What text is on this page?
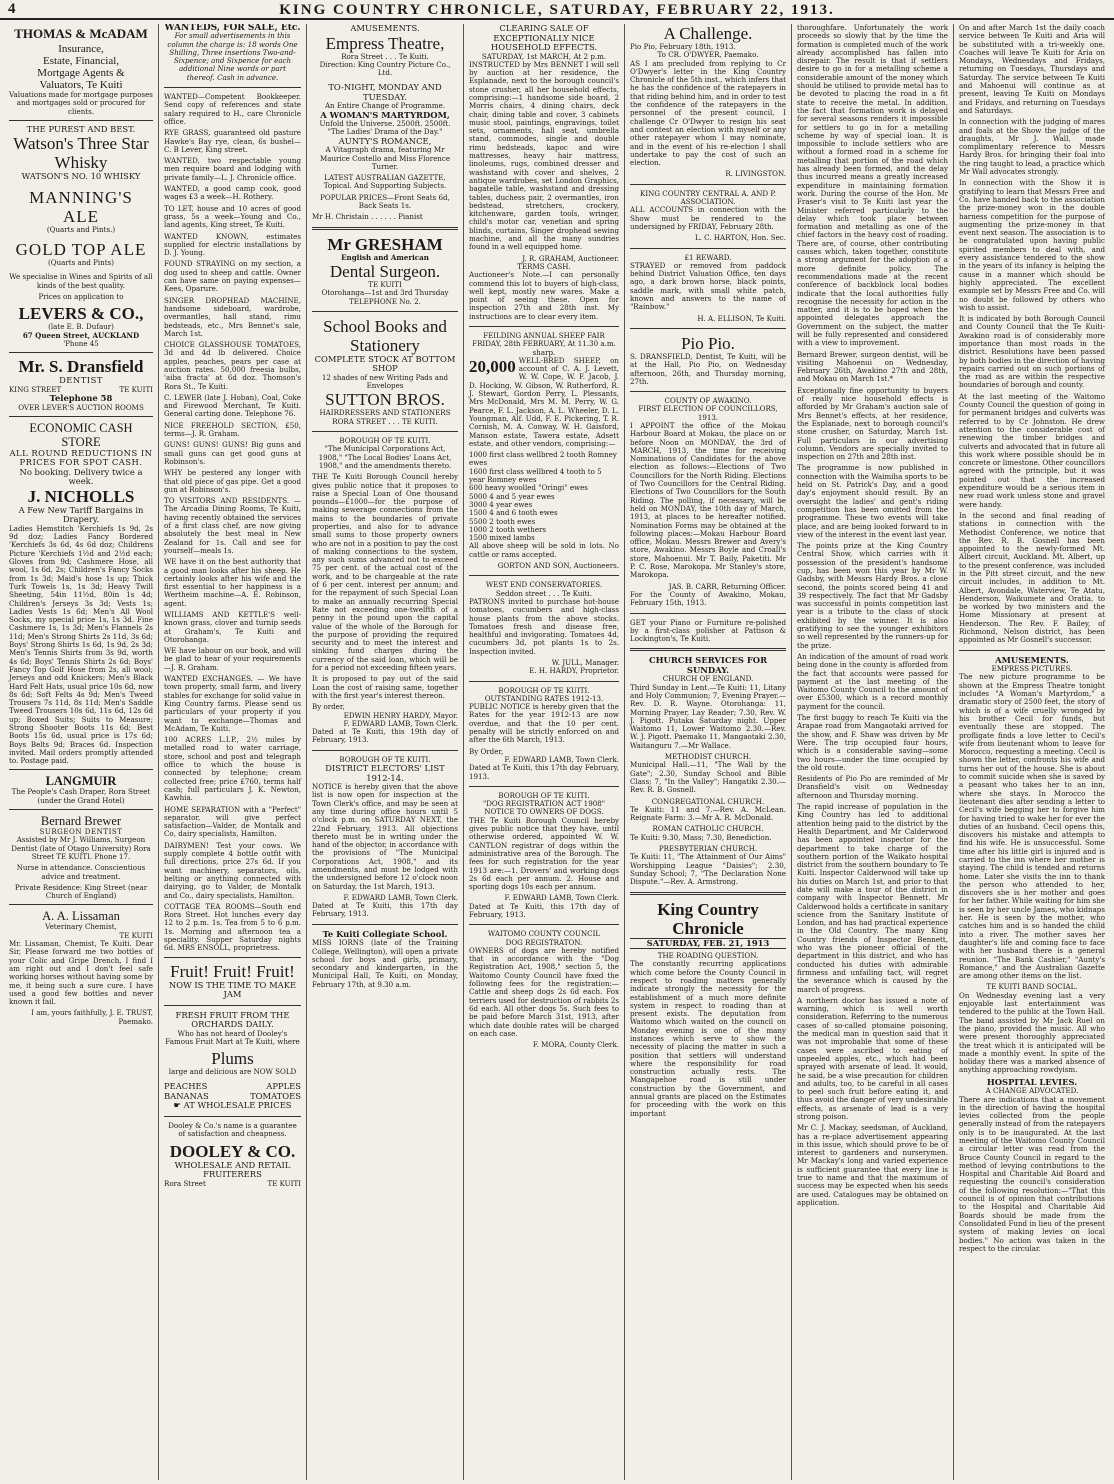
4	KING COUNTRY CHRONICLE, SATURDAY, FEBRUARY 22, 1913.
THOMAS & McADAM
Insurance,
Estate, Financial,
Mortgage Agents &
Valuators, Te Kuiti

Valuations made for mortgage purposes and mortgages sold or procured for clients.

THE PUREST AND BEST.
Watson's Three Star Whisky
WATSON'S NO. 10 WHISKY
MANNING'S ALE
(Quarts and Pints.)
GOLD TOP ALE
(Quarts and Pints)

We specialise in Wines and Spirits of all kinds of the best quality.

Prices on application to

LEVERS & CO.,
(late E. B. Dufaur)
67 Queen Street, AUCKLAND
'Phone 45
Mr. S. Dransfield
DENTIST
KING STREET	TE KUITI
Telephone 58
OVER LEVER'S AUCTION ROOMS
ECONOMIC CASH STORE
ALL ROUND REDUCTIONS IN PRICES FOR SPOT CASH.
No booking. Delivery twice a week.
J. NICHOLLS
A Few New Tariff Bargains in Drapery.

Ladies Hemstitch 'Kerchiefs 1s 9d, 2s 9d doz; Ladies Fancy Bordered 'Kerchiefs 3s 6d, 4s 6d doz; Childrens Picture 'Kerchiefs 1½d and 2½d each; Gloves from 9d; Cashmere Hose, all wool, 1s 6d, 2s; Children's Fancy Socks from 1s 3d; Maid's hose 1s up; Thick Turk Towels 1s, 1s 3d; Heavy Twill Sheeting, 54in 11½d, 80in 1s 4d; Children's Jerseys 3s 3d; Vests 1s; Ladies Vests 1s 6d; Men's All Wool Socks, my special price 1s, 1s 3d. Fine Cashmere 1s, 1s 3d; Men's Flannels 2s 11d; Men's Strong Shirts 2s 11d, 3s 6d; Boys' Strong Shirts 1s 6d, 1s 9d, 2s 3d; Men's Tennis Shirts from 3s 9d, worth 4s 6d; Boys' Tennis Shirts 2s 6d; Boys' Fancy Top Golf Hose from 2s, all wool; Jerseys and odd Knickers; Men's Black Hard Felt Hats, usual price 10s 6d, now 8s 6d; Soft Felts 4s 9d; Men's Tweed Trousers 7s 11d, 8s 11d; Men's Saddle Tweed Trousers 10s 6d, 11s 6d, 12s 6d up; Boxed Suits; Suits to Measure; Strong Shooter Boots 11s 6d; Best Boots 15s 6d, usual price is 17s 6d; Boys Belts 9d; Braces 6d. Inspection invited. Mail orders promptly attended to. Postage paid.

LANGMUIR
The People's Cash Draper, Rora Street (under the Grand Hotel)
Bernard Brewer
SURGEON DENTIST

Assisted by Mr J. Williams, Surgeon Dentist (late of Otago University) Rora Street TE KUITI. Phone 17.

Nurse in attendance. Conscientious advice and treatment.

Private Residence: King Street (near Church of England)

A. A. Lissaman
Veterinary Chemist,
TE KUITI

Mr. Lissaman, Chemist, Te Kuiti. Dear Sir, Please forward me two bottles of your Colic and Gripe Drench, I find I am right out and I don't feel safe working horses without having some by me, it being such a sure cure. I have used a good few bottles and never known it fail.

I am, yours faithfully, J. E. TRUST, Paemako.
WANTEDS, FOR SALE, Etc.

For small advertisements in this column the charge is: 18 words One Shilling, Three insertions Two-and-Sixpence; and Sixpence for each additional Nine words or part thereof. Cash in advance.

WANTED—Competent Bookkeeper. Send copy of references and state salary required to H., care Chronicle office.

RYE GRASS, guaranteed old pasture Hawke's Bay rye, clean, 6s bushel—C. B Lever, King street.

WANTED, two respectable young men require board and lodging with private family—L. J. Chronicle office.

WANTED, a good camp cook, good wages £3 a week—H. Rothery.

TO LET, house and 10 acres of good grass, 5s a week—Young and Co., land agents, King street, Te Kuiti.

WANTED KNOWN, estimates supplied for electric installations by D. J. Young.

FOUND STRAYING on my section, a dog used to sheep and cattle. Owner can have same on paying expenses—Kees, Oparure.

SINGER DROPHEAD MACHINE, handsome sideboard, wardrobe, overmantles, hall stand, rimu bedsteads, etc., Mrs Bennet's sale, March 1st.

CHOICE GLASSHOUSE TOMATOES, 3d and 4d lb delivered. Choice apples, peaches, pears per case at auction rates. 50,000 freesia bulbs, 'aiba fracta' at 6d doz. Thomson's Rora St., Te Kuiti.

C. LEWER (late J. Hoban), Coal, Coke and Firewood Merchant, Te Kuiti. General carting done. Telephone 76.

NICE FREEHOLD SECTION, £50, terms—J. R. Graham.

GUNS! GUNS! GUNS! Big guns and small guns can get good guns at Robinson's.

WHY be pestered any longer with that old piece of gas pipe. Get a good gun at Robinson's.

TO VISITORS AND RESIDENTS. —The Arcadia Dining Rooms, Te Kuiti, having recently obtained the services of a first class chef, are now giving absolutely the best meal in New Zealand for 1s. Call and see for yourself—meals 1s.

WE have it on the best authority that a good man looks after his sheep. He certainly looks after his wife and the first essential to her happiness is a Wertheim machine—A. E. Robinson, agent.

WILLIAMS AND KETTLE'S well-known grass, clover and turnip seeds at Graham's, Te Kuiti and Otorohanga.

WE have labour on our book, and will be glad to hear of your requirements—J. R. Graham.

WANTED EXCHANGES. — We have town property, small farm, and livery stables for exchange for solid value in King Country farms. Please send us particulars of your property if you want to exchange—Thomas and McAdam, Te Kuiti.

100 ACRES L.I.P., 2½ miles by metalled road to water carriage, store, school and post and telegraph office to which the house is connected by telephone; cream collected free; price £760, terms half cash; full particulars J. K. Newton, Kawhia.

HOME SEPARATION with a "Perfect" separator, will give perfect satisfaction—Valder, de Montalk and Co, dairy specialists, Hamilton.

DAIRYMEN! Test your cows. We supply complete 4 bottle outfit with full directions, price 27s 6d. If you want machinery, separators, oils, belting or anything connected with dairying, go to Valder, de Montalk and Co., dairy specialists, Hamilton.

COTTAGE TEA ROOMS—South end Rora Street. Hot lunches every day 12 to 2 p.m. 1s. Tea from 5 to 6 p.m. 1s. Morning and afternoon tea a speciality. Supper Saturday nights 6d. MRS ENSOLL, proprietress.

Fruit! Fruit! Fruit!
NOW IS THE TIME TO MAKE JAM
FRESH FRUIT FROM THE ORCHARDS DAILY.

Who has not heard of Dooley's Famous Fruit Mart at Te Kuiti, where

Plums
large and delicious are NOW SOLD
PEACHES	APPLES
BANANAS	TOMATOES
☛ AT WHOLESALE PRICES

Dooley & Co.'s name is a guarantee of satisfaction and cheapness.

DOOLEY & CO.
WHOLESALE AND RETAIL FRUITERERS
Rora Street	TE KUITI
AMUSEMENTS.
Empress Theatre,
Rora Street . . . Te Kuiti.
Direction: King Country Picture Co., Ltd.
TO-NIGHT, MONDAY AND TUESDAY.
An Entire Change of Programme.
A WOMAN'S MARTYRDOM,
Unfold the Universe. 2500ft. 2500ft. "The Ladies' Drama of the Day."
AUNTY'S ROMANCE,

A Vitagraph drama, featuring Mr Maurice Costello and Miss Florence Turner.

LATEST AUSTRALIAN GAZETTE, Topical. And Supporting Subjects.

POPULAR PRICES—Front Seats 6d, Back Seats 1s.

Mr H. Christain . . . . . . Pianist
Mr GRESHAM
English and American
Dental Surgeon.
TE KUITI
Otorohanga—1st and 3rd Thursday
TELEPHONE No. 2.
School Books and Stationery
COMPLETE STOCK AT BOTTOM SHOP
12 shades of new Writing Pads and Envelopes
SUTTON BROS.
HAIRDRESSERS AND STATIONERS
RORA STREET . . . TE KUITI.
BOROUGH OF TE KUITI.

"The Municipal Corporations Act, 1908," "The Local Bodies' Loans Act, 1908," and the amendments thereto.

THE Te Kuiti Borough Council hereby gives public notice that it proposes to raise a Special Loan of One thousand pounds—£1000—for the purpose of making sewerage connections from the mains to the boundaries of private properties, and also for to advance small sums to those property owners who are not in a position to pay the cost of making connections to the system, any such sums advanced not to exceed 75 per cent. of the actual cost of the work, and to be chargeable at the rate of 6 per cent. interest per annum; and for the repayment of such Special Loan to make an annually recurring Special Rate not exceeding one-twelfth of a penny in the pound upon the capital value of the whole of the Borough for the purpose of providing the required security and to meet the interest and sinking fund charges during the currency of the said loan, which will be for a period not exceeding fifteen years.

It is proposed to pay out of the said Loan the cost of raising same, together with the first year's interest thereon.

By order,
EDWIN HENRY HARDY, Mayor.
F. EDWARD LAMB, Town Clerk.

Dated at Te Kuiti, this 19th day of February, 1913.

BOROUGH OF TE KUITI.
DISTRICT ELECTORS' LIST 1912-14.

NOTICE is hereby given that the above list is now open for inspection at the Town Clerk's office, and may be seen at any time during office hours until 5 o'clock p.m. on SATURDAY NEXT, the 22nd February, 1913. All objections thereto must be in writing under the hand of the objector, in accordance with the provisions of "The Municipal Corporations Act, 1908," and its amendments, and must be lodged with the undersigned before 12 o'clock noon on Saturday, the 1st March, 1913.

F. EDWARD LAMB, Town Clerk.

Dated at Te Kuiti, this 17th day February, 1913.

Te Kuiti Collegiate School.

MISS IORNS (late of the Training College, Wellington), will open a private school for boys and girls, primary, secondary and kindergarten, in the Municipal Hall, Te Kuiti, on Monday, February 17th, at 9.30 a.m.

CLEARING SALE OF EXCEPTIONALLY NICE HOUSEHOLD EFFECTS.
SATURDAY, 1st MARCH, At 2 p.m.

INSTRUCTED by Mrs BENNET I will sell by auction at her residence, the Esplanade, next to the borough council's stone crusher, all her household effects, comprising:—1 handsome side board, 2 Morris chairs, 4 dining chairs, deck chair, dining table and cover, 3 cabinets music stool, paintings, engravings, toilet sets, ornaments, hall seat, umbrella stand, commodes, single and double rimu bedsteads, kapoc and wire mattresses, heavy hair mattress, linoleums, rugs, combined dresser and washstand with cover and shelves, 2 antique wardrobes, set London Graphics, bagatelle table, washstand and dressing tables, duchess pair, 2 overmantles, iron bedstead, stretchers, crockery, kitchenware, garden tools, wringer, child's motor car, venetian and spring blinds, curtains, Singer drophead sewing machine, and all the many sundries found in a well equipped home.

J. R. GRAHAM, Auctioneer.
TERMS CASH.

Auctioneer's Note.—I can personally commend this lot to buyers of high-class, well kept, mostly new wares. Make a point of seeing these. Open for inspection 27th and 28th inst. My instructions are to clear every item.

FEILDING ANNUAL SHEEP FAIR
FRIDAY, 28th FEBRUARY, At 11.30 a.m. sharp.
20,000 WELL-BRED SHEEP, on account of C. A. J. Levett, W. W. Cope, W. F. Jacob, J. D. Hocking, W. Gibson, W. Rutherford, R. J. Stewart, Gordon Perry, L. Plessants, Mrs McDonald, Mrs M. M. Perry, W. G. Pearce, F. L. Jackson, A. L. Wheeler, D. L. Youngman, Alf. Udd, F. E. Pickering, T. R. Cornish, M. A. Conway, W. H. Gaisford, Manson estate, Tawera estate, Adsett estate, and other vendors, comprising:—

1000 first class wellbred 2 tooth Romney ewes
1600 first class wellbred 4 tooth to 5 year Romney ewes
600 heavy woolled "Oringi" ewes
5000 4 and 5 year ewes
3000 4 year ewes
1500 4 and 6 tooth ewes
5500 2 tooth ewes
1000 2 tooth wethers
1500 mixed lambs

All above sheep will be sold in lots. No cattle or rams accepted.

GORTON AND SON, Auctioneers.
WEST END CONSERVATORIES.
Seddon street . . . Te Kuiti.

PATRONS invited to purchase hot-house tomatoes, cucumbers and high-class house plants from the above stocks. Tomatoes fresh and disease free, healthful and invigorating. Tomatoes 4d, cucumbers 3d, pot plants 1s to 2s. Inspection invited.

W. JULL, Manager.
E. H. HARDY, Proprietor.
BOROUGH OF TE KUITI.
OUTSTANDING RATES 1912-13.

PUBLIC NOTICE is hereby given that the Rates for the year 1912-13 are now overdue, and that the 10 per cent. penalty will be strictly enforced on and after the 6th March, 1913.

By Order,
F. EDWARD LAMB, Town Clerk.

Dated at Te Kuiti, this 17th day February, 1913.

BOROUGH OF TE KUITI.
"DOG REGISTRATION ACT 1908"
NOTICE TO OWNERS OF DOGS.

THE Te Kuiti Borough Council hereby gives public notice that they have, until otherwise ordered, appointed W. W. CANTLON registrar of dogs within the administrative area of the Borough. The fees for such registration for the year 1913 are:—1. Drovers' and working dogs 2s 6d each per annum. 2. House and sporting dogs 10s each per annum.

F. EDWARD LAMB, Town Clerk.

Dated at Te Kuiti, this 17th day of February, 1913.

WAITOMO COUNTY COUNCIL
DOG REGISTRATON.

OWNERS of dogs are hereby notified that in accordance with the "Dog Registration Act, 1908," section 5, the Waitomo County Council have fixed the following fees for the registration:—Cattle and sheep dogs 2s 6d each. Fox terriers used for destruction of rabbits 2s 6d each. All other dogs 5s. Such fees to be paid before March 31st, 1913, after which date double rates will be charged on each case.

F. MORA, County Clerk.
A Challenge.
Pio Pio, February 18th, 1913.
To CR. O'DWYER, Paemako.

AS I am precluded from replying to Cr O'Dwyer's letter in the King Country Chronicle of the 5th inst., which infers that he has the confidence of the ratepayers in that riding behind him, and in order to test the confidence of the ratepayers in the personnel of the present council, I challenge Cr O'Dwyer to resign his seat and contest an election with myself or any other ratepayer whom I may nominate, and in the event of his re-election I shall undertake to pay the cost of such an election.

R. LIVINGSTON.
KING COUNTRY CENTRAL A. AND P. ASSOCIATION.

ALL ACCOUNTS in connection with the Show must be rendered to the undersigned by FRIDAY, February 28th.

L. C. HARTON, Hon. Sec.
£1 REWARD.

STRAYED or removed from paddock behind District Valuation Office, ten days ago, a dark brown horse, black points, saddle mark, with small white patch, known and answers to the name of "Rainbow."

H. A. ELLISON, Te Kuiti.
Pio Pio.

S. DRANSFIELD, Dentist, Te Kuiti, will be at the Hall, Pio Pio, on Wednesday afternoon, 26th, and Thursday morning, 27th.

COUNTY OF AWAKINO.
FIRST ELECTION OF COUNCILLORS, 1913.

I APPOINT the office of the Mokau Harbour Board at Mokau, the place on or before Noon on MONDAY, the 3rd of MARCH, 1913, the time for receiving Nominations of Candidates for the above election as follows:—Elections of Two Councillors for the North Riding. Elections of Two Councillors for the Central Riding. Elections of Two Councillors for the South Riding. The polling, if necessary, will be held on MONDAY, the 10th day of March, 1913, at places to be hereafter notified. Nomination Forms may be obtained at the following places:—Mokau Harbour Board office, Mokau. Messrs Brewer and Avery's store, Awakino. Messrs Boyle and Croall's store, Mahoenui. Mr T. Baily, Paketiti. Mr P. C. Rose, Marokopa. Mr Stanley's store, Marokopa.

JAS. B. CARR, Returning Officer.

For the County of Awakino, Mokau, February 15th, 1913.

GET your Piano or Furniture re-polished by a first-class polisher at Pattison & Lockington's, Te Kuiti.

CHURCH SERVICES FOR SUNDAY.
CHURCH OF ENGLAND.

Third Sunday in Lent.—Te Kuiti: 11, Litany and Holy Communion; 7, Evening Prayer.—Rev. D. R. Wayne. Otorohanga: 11, Morning Prayer, Lay Reader; 7.30, Rev. W. J. Pigott. Putaka Saturday night. Upper Waitomo 11, Lower Waitomo 2.30.—Rev. W. J. Pigott. Paemako 11, Mangaotaki 2.30, Waitanguru 7.—Mr Wallace.

METHODIST CHURCH.

Municipal Hall.—11, "The Wall by the Gate"; 2.30, Sunday School and Bible Class; 7, "In the Valley"; Hangatiki 2.30.—Rev. R. B. Gosnell.

CONGREGATIONAL CHURCH.

Te Kuiti: 11 and 7.—Rev. A. McLean. Reignate Farm: 3.—Mr A. R. McDonald.

ROMAN CATHOLIC CHURCH.

Te Kuiti: 9.30, Mass; 7.30, Benediction.

PRESBYTERIAN CHURCH.

Te Kuiti: 11, "The Attainment of Our Aims" Worshipping League "Daisies"; 2.30, Sunday School; 7, "The Declaration None Dispute."—Rev. A. Armstrong.

King Country Chronicle
SATURDAY, FEB. 21, 1913
THE ROADING QUESTION.

The constantly recurring applications which come before the County Council in respect to roading matters generally indicate strongly the necessity for the establishment of a much more definite system in respect to roading than at present exists. The deputation from Waitomo which waited on the council on Monday evening is one of the many instances which serve to show the necessity of placing the matter in such a position that settlers will understand where the responsibility for road construction actually rests. The Mangapehoe road is still under construction by the Government, and annual grants are placed on the Estimates for proceeding with the work on this important

thoroughfare. Unfortunately the work proceeds so slowly that by the time the formation is completed much of the work already accomplished has fallen into disrepair. The result is that if settlers desire to go in for a metalling scheme a considerable amount of the money which should be utilised to provide metal has to be devoted to placing the road in a fit state to receive the metal. In addition, the fact that formation work is delayed for several seasons renders it impossible for settlers to go in for a metalling scheme by way of special loan. It is impossible to include settlers who are without a formed road in a scheme for metalling that portion of the road which has already been formed, and the delay thus incurred means a greatly increased expenditure in maintaining formation work. During the course of the Hon. Mr Fraser's visit to Te Kuiti last year the Minister referred particularly to the delay which took place between formation and metalling as one of the chief factors in the heavy cost of roading. There are, of course, other contributing causes which, taken together, constitute a strong argument for the adoption of a more definite policy. The recommendations made at the recent conference of backblock local bodies indicate that the local authorities fully recognise the necessity for action in the matter, and it is to be hoped when the appointed delegates approach the Government on the subject, the matter will be fully represented and considered with a view to improvement.

Bernard Brewer, surgeon dentist, will be visiting Mahoenui on Wednesday, February 26th, Awakino 27th and 28th, and Mokau on March 1st.*

Exceptionally fine opportunity to buyers of really nice household effects is afforded by Mr Graham's auction sale of Mrs Bennet's effects, at her residence, the Esplanade, next to borough council's stone crusher, on Saturday, March 1st. Full particulars in our advertising column. Vendors are specially invited to inspection on 27th and 28th inst.

The programme is now published in connection with the Waimiha sports to be held on St. Patrick's Day, and a good day's enjoyment should result. By an oversight the ladies' and gent's riding competition has been omitted from the programme. These two events will take place, and are being looked forward to in view of the interest in the event last year.

The points prize at the King Country Central Show, which carries with it possession of the president's handsome cup, has been won this year by Mr W. Gadsby, with Messrs Hardy Bros. a close second, the points scored being 41 and 39 respectively. The fact that Mr Gadsby was successful in points competition last year is a tribute to the class of stock exhibited by the winner. It is also gratifying to see the younger exhibitors so well represented by the runners-up for the prize.

An indication of the amount of road work being done in the county is afforded from the fact that accounts were passed for payment at the last meeting of the Waitomo County Council to the amount of over £5300, which is a record monthly payment for the council.

The first buggy to reach Te Kuiti via the Arapae road from Mangaotaki arrived for the show, and F. Shaw was driven by Mr Were. The trip occupied four hours, which is a considerable saving—some two hours—under the time occupied by the old route.

Residents of Pio Pio are reminded of Mr Dransfield's visit on Wednesday afternoon and Thursday morning.

The rapid increase of population in the King Country has led to additional attention being paid to the district by the Health Department, and Mr Calderwood has been appointed inspector for the department to take charge of the southern portion of the Waikato hospital district from the southern boundary to Te Kuiti. Inspector Calderwood will take up his duties on March 1st, and prior to that date will make a tour of the district in company with Inspector Bennett. Mr Calderwood holds a certificate in sanitary science from the Sanitary Institute of London, and has had practical experience in the Old Country. The many King Country friends of Inspector Bennett, who was the pioneer official of the department in this district, and who has conducted his duties with admirable firmness and unfailing tact, will regret the severance which is caused by the march of progress.

A northern doctor has issued a note of warning, which is well worth consideration. Referring to the numerous cases of so-called ptomaine poisoning, the medical man in question said that it was not improbable that some of these cases were ascribed to eating of unpeeled apples, etc., which had been sprayed with arsenate of lead. It would, he said, be a wise precaution for children and adults, too, to be careful in all cases to peel such fruit before eating it, and thus avoid the danger of very undesirable effects, as arsenate of lead is a very strong poison.

Mr C. J. Mackay, seedsman, of Auckland, has a re-place advertisement appearing in this issue, which should prove to be of interest to gardeners and nurserymen. Mr Mackay's long and varied experience is sufficient guarantee that every line is true to name and that the maximum of success may be expected when his seeds are used. Catalogues may be obtained on application.

On and after March 1st the daily coach service between Te Kuiti and Aria will be substituted with a tri-weekly one. Coaches will leave Te Kuiti for Aria on Mondays, Wednesdays and Fridays, returning on Tuesdays, Thursdays and Saturday. The service between Te Kuiti and Mahoenui will continue as at present, leaving Te Kuiti on Mondays and Fridays, and returning on Tuesdays and Saturdays.

In connection with the judging of mares and foals at the Show the judge of the draughts, Mr J. Wall, made complimentary reference to Messrs Hardy Bros. for bringing their foal into the ring taught to lead, a practice which Mr Wall advocates strongly.

In connection with the Show it is gratifying to learn that Messrs Free and Co. have handed back to the association the prize-money won in the double harness competition for the purpose of augmenting the prize-money in that event next season. The association is to be congratulated upon having public spirited members to deal with, and every assistance tendered to the show in the years of its infancy is helping the cause in a manner which should be highly appreciated. The excellent example set by Messrs Free and Co. will no doubt be followed by others who wish to assist.

It is indicated by both Borough Council and County Council that the Te Kuiti-Awakino road is of considerably more importance than most roads in the district. Resolutions have been passed by both bodies in the direction of having repairs carried out on such portions of the road as are within the respective boundaries of borough and county.

At the last meeting of the Waitomo County Council the question of going in for permanent bridges and culverts was referred to by Cr Johnston. He drew attention to the considerable cost of renewing the timber bridges and culverts and advocated that in future all this work where possible should be in concrete or limestone. Other councillors agreed with the principle, but it was pointed out that the increased expenditure would be a serious item in new road work unless stone and gravel were handy.

In the second and final reading of stations in connection with the Methodist Conference, we notice that the Rev. R. B. Gosnell has been appointed to the newly-formed Mt. Albert circuit, Auckland. Mt. Albert, up to the present conference, was included in the Pitt street circuit, and the new circuit includes, in addition to Mt. Albert, Avondale, Waterview, Te Atatu, Henderson, Waikumete and Oratia, to be worked by two ministers and the Home Missionary at present at Henderson. The Rev. F. Bailey, of Richmond, Nelson district, has been appointed as Mr Gosnell's successor.

AMUSEMENTS.
EMPRESS PICTURES.

The new picture programme to be shown at the Empress Theatre tonight includes "A Woman's Martyrdom," a dramatic story of 2500 feet, the story of which is of a wife cruelly wronged by his brother Cecil for funds, but eventually these are stopped. The profligate finds a love letter to Cecil's wife from lieutenant whom to leave for Morocco, requesting a meeting. Cecil is shown the letter, confronts his wife and turns her out of the house. She is about to commit suicide when she is saved by a peasant who takes her to an inn, where she stays. In Morocco the lieutenant dies after sending a letter to Cecil's wife begging her to forgive him for having tried to wake her for ever the duties of an husband. Cecil opens this, discovers his mistake and attempts to find his wife. He is unsuccessful. Some time after his little girl is injured and is carried to the inn where her mother is staying. The child is tended and returns home. Later she visits the inn to thank the person who attended to her, discovers she is her mother and goes for her father. While waiting for him she is seen by her uncle James, who kidnaps her. He is seen by the mother, who catches him and is so handed the child into a river. The mother saves her daughter's life and coming face to face with her husband there is a general reunion. "The Bank Cashier," "Aunty's Romance," and the Australian Gazette are among other items on the list.

TE KUITI BAND SOCIAL.

On Wednesday evening last a very enjoyable last entertainment was tendered to the public at the Town Hall. The band assisted by Mr Jack Ruel on the piano, provided the music. All who were present thoroughly appreciated the treat which it is anticipated will be made a monthly event. In spite of the holiday there was a marked absence of anything approaching rowdyism.

HOSPITAL LEVIES.
A CHANGE ADVOCATED.

There are indications that a movement in the direction of having the hospital levies collected from the people generally instead of from the ratepayers only is to be inaugurated. At the last meeting of the Waitomo County Council a circular letter was read from the Bruce County Council in regard to the method of levying contributions to the Hospital and Charitable Aid Board and requesting the council's consideration of the following resolution:—"That this council is of opinion that contributions to the Hospital and Charitable Aid Boards should be made from the Consolidated Fund in lieu of the present system of making levies on local bodies." No action was taken in the respect to the circular.
